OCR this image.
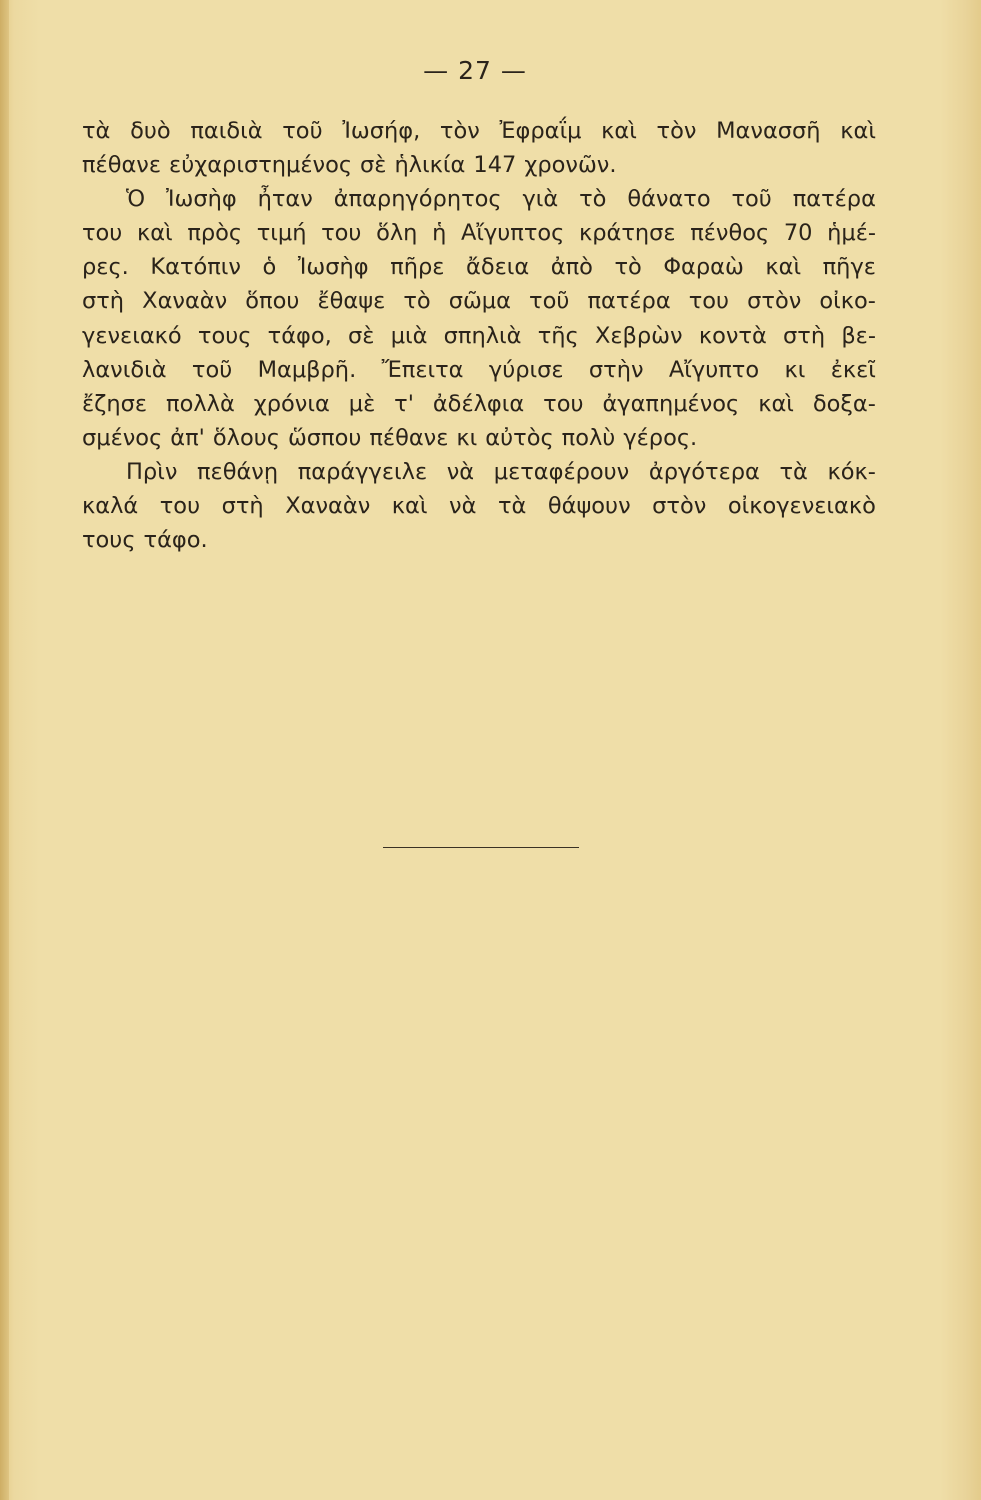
— 27 —
τὰ δυὸ παιδιὰ τοῦ Ἰωσήφ, τὸν Ἐφραΐμ καὶ τὸν Μανασσῆ καὶ
πέθανε εὐχαριστημένος σὲ ἡλικία 147 χρονῶν.
Ὁ Ἰωσὴφ ἦταν ἀπαρηγόρητος γιὰ τὸ θάνατο τοῦ πατέρα
του καὶ πρὸς τιμή του ὅλη ἡ Αἴγυπτος κράτησε πένθος 70 ἡμέ-
ρες. Κατόπιν ὁ Ἰωσὴφ πῆρε ἄδεια ἀπὸ τὸ Φαραὼ καὶ πῆγε
στὴ Χαναὰν ὅπου ἔθαψε τὸ σῶμα τοῦ πατέρα του στὸν οἰκο-
γενειακό τους τάφο, σὲ μιὰ σπηλιὰ τῆς Χεβρὼν κοντὰ στὴ βε-
λανιδιὰ τοῦ Μαμβρῆ. Ἔπειτα γύρισε στὴν Αἴγυπτο κι ἐκεῖ
ἔζησε πολλὰ χρόνια μὲ τ' ἀδέλφια του ἀγαπημένος καὶ δοξα-
σμένος ἀπ' ὅλους ὥσπου πέθανε κι αὐτὸς πολὺ γέρος.
Πρὶν πεθάνῃ παράγγειλε νὰ μεταφέρουν ἀργότερα τὰ κόκ-
καλά του στὴ Χαναὰν καὶ νὰ τὰ θάψουν στὸν οἰκογενειακὸ
τους τάφο.
